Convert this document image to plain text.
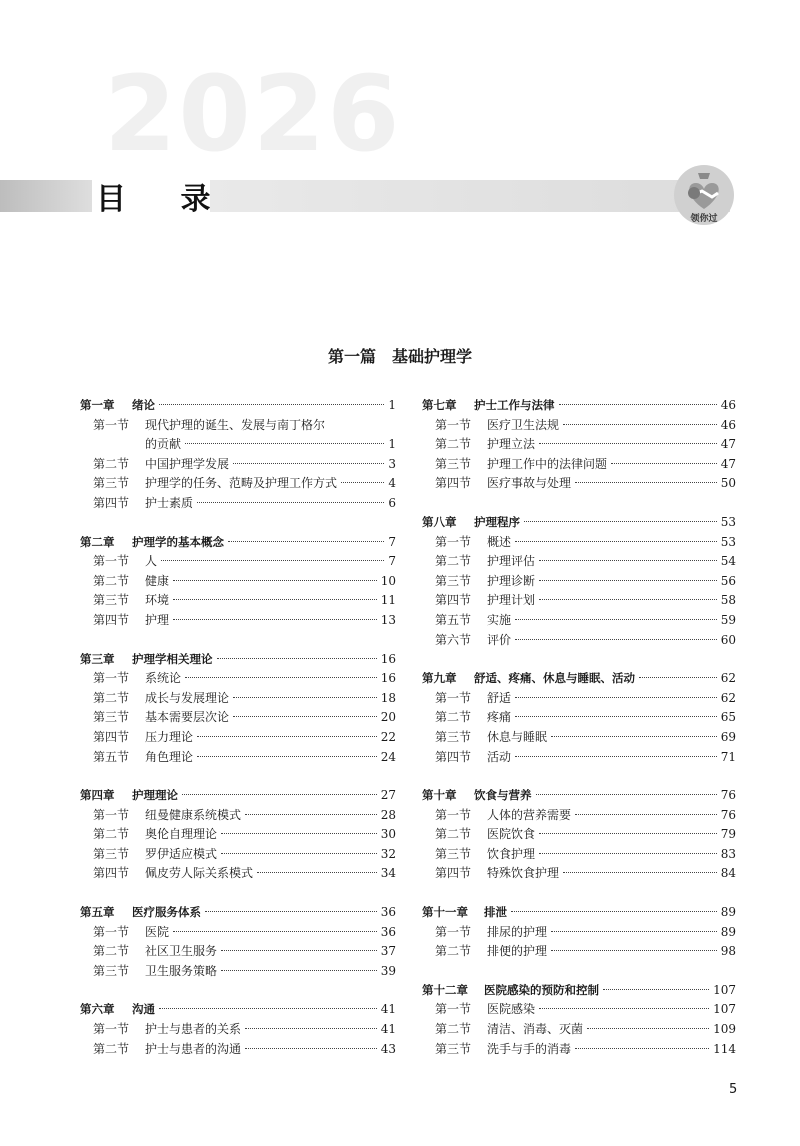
2026
目 录
领你过
第一篇　基础护理学
第一章	绪论	1
第一节	现代护理的诞生、发展与南丁格尔
的贡献	1
第二节	中国护理学发展	3
第三节	护理学的任务、范畴及护理工作方式	4
第四节	护士素质	6
第二章	护理学的基本概念	7
第一节	人	7
第二节	健康	10
第三节	环境	11
第四节	护理	13
第三章	护理学相关理论	16
第一节	系统论	16
第二节	成长与发展理论	18
第三节	基本需要层次论	20
第四节	压力理论	22
第五节	角色理论	24
第四章	护理理论	27
第一节	纽曼健康系统模式	28
第二节	奥伦自理理论	30
第三节	罗伊适应模式	32
第四节	佩皮劳人际关系模式	34
第五章	医疗服务体系	36
第一节	医院	36
第二节	社区卫生服务	37
第三节	卫生服务策略	39
第六章	沟通	41
第一节	护士与患者的关系	41
第二节	护士与患者的沟通	43
第七章	护士工作与法律	46
第一节	医疗卫生法规	46
第二节	护理立法	47
第三节	护理工作中的法律问题	47
第四节	医疗事故与处理	50
第八章	护理程序	53
第一节	概述	53
第二节	护理评估	54
第三节	护理诊断	56
第四节	护理计划	58
第五节	实施	59
第六节	评价	60
第九章	舒适、疼痛、休息与睡眠、活动	62
第一节	舒适	62
第二节	疼痛	65
第三节	休息与睡眠	69
第四节	活动	71
第十章	饮食与营养	76
第一节	人体的营养需要	76
第二节	医院饮食	79
第三节	饮食护理	83
第四节	特殊饮食护理	84
第十一章	排泄	89
第一节	排尿的护理	89
第二节	排便的护理	98
第十二章	医院感染的预防和控制	107
第一节	医院感染	107
第二节	清洁、消毒、灭菌	109
第三节	洗手与手的消毒	114
5
